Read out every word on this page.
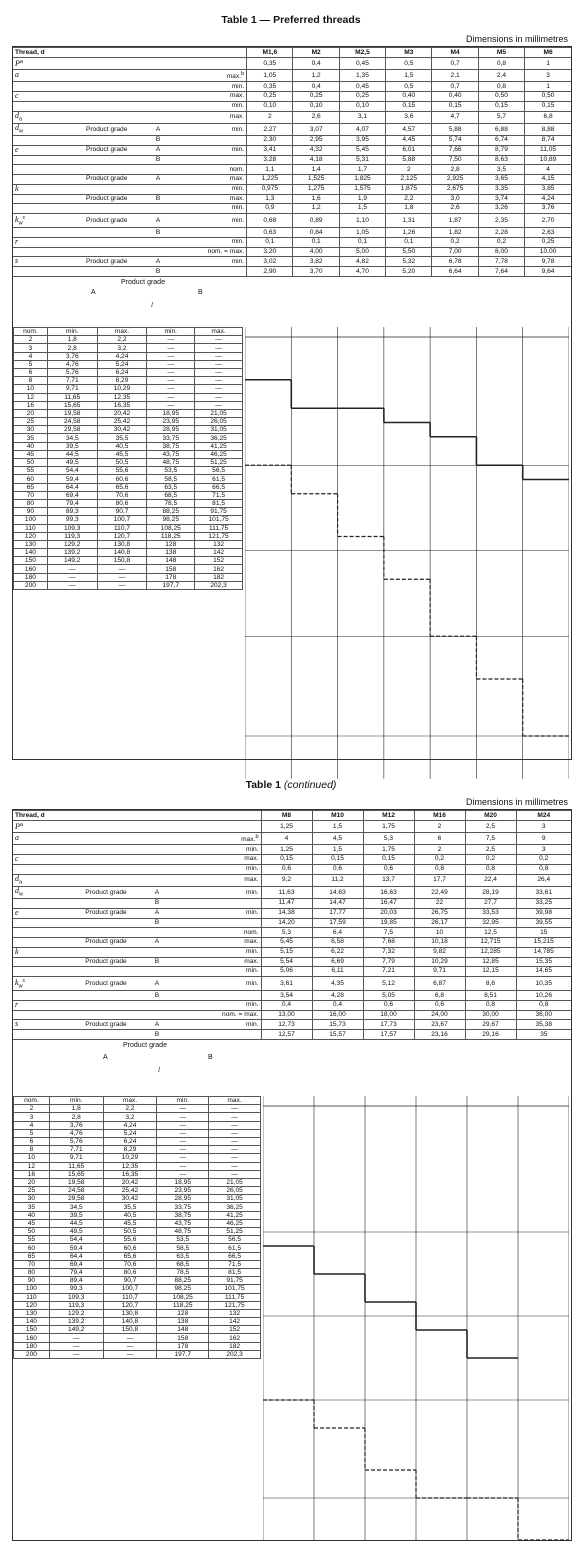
Table 1 — Preferred threads
Dimensions in millimetres
Thread, d				M1,6	M2	M2,5	M3	M4	M5	M6
$P^a$				0,35	0,4	0,45	0,5	0,7	0,8	1
a			max.$^b$	1,05	1,2	1,35	1,5	2,1	2,4	3
			min.	0,35	0,4	0,45	0,5	0,7	0,8	1
c			max.	0,25	0,25	0,25	0,40	0,40	0,50	0,50
			min.	0,10	0,10	0,10	0,15	0,15	0,15	0,15
$d_a$			max.	2	2,6	3,1	3,6	4,7	5,7	6,8
$d_w$	Product grade	A	min.	2,27	3,07	4,07	4,57	5,88	6,88	8,88
		B		2,30	2,95	3,95	4,45	5,74	6,74	8,74
e	Product grade	A	min.	3,41	4,32	5,45	6,01	7,66	8,79	11,05
		B		3,28	4,18	5,31	5,88	7,50	8,63	10,89
			nom.	1,1	1,4	1,7	2	2,8	3,5	4
	Product grade	A	max.	1,225	1,525	1,825	2,125	2,925	3,65	4,15
k			min.	0,975	1,275	1,575	1,875	2,675	3,35	3,85
	Product grade	B	max.	1,3	1,6	1,9	2,2	3,0	3,74	4,24
			min.	0,9	1,2	1,5	1,8	2,6	3,26	3,76
$k_w^c$	Product grade	A	min.	0,68	0,89	1,10	1,31	1,87	2,35	2,70
		B		0,63	0,84	1,05	1,26	1,82	2,28	2,63
r			min.	0,1	0,1	0,1	0,1	0,2	0,2	0,25
			nom. = max.	3,20	4,00	5,00	5,50	7,00	8,00	10,00
s	Product grade	A	min.	3,02	3,82	4,82	5,32	6,78	7,78	9,78
		B		2,90	3,70	4,70	5,20	6,64	7,64	9,64
Product grade
A	B
l
nom.	min.	max.	min.	max.
2	1,8	2,2	—	—
3	2,8	3,2	—	—
4	3,76	4,24	—	—
5	4,76	5,24	—	—
6	5,76	6,24	—	—
8	7,71	8,29	—	—
10	9,71	10,29	—	—
12	11,65	12,35	—	—
16	15,65	16,35	—	—
20	19,58	20,42	18,95	21,05
25	24,58	25,42	23,95	26,05
30	29,58	30,42	28,95	31,05
35	34,5	35,5	33,75	36,25
40	39,5	40,5	38,75	41,25
45	44,5	45,5	43,75	46,25
50	49,5	50,5	48,75	51,25
55	54,4	55,6	53,5	56,5
60	59,4	60,6	58,5	61,5
65	64,4	65,6	63,5	66,5
70	69,4	70,6	68,5	71,5
80	79,4	80,6	78,5	81,5
90	89,3	90,7	88,25	91,75
100	99,3	100,7	98,25	101,75
110	109,3	110,7	108,25	111,75
120	119,3	120,7	118,25	121,75
130	129,2	130,8	128	132
140	139,2	140,8	138	142
150	149,2	150,8	148	152
160	—	—	158	162
180	—	—	178	182
200	—	—	197,7	202,3
Table 1 (continued)
Dimensions in millimetres
Thread, d				M8	M10	M12	M16	M20	M24
$P^a$				1,25	1,5	1,75	2	2,5	3
a			max.$^b$	4	4,5	5,3	6	7,5	9
			min.	1,25	1,5	1,75	2	2,5	3
c			max.	0,15	0,15	0,15	0,2	0,2	0,2
			min.	0,6	0,6	0,6	0,8	0,8	0,8
$d_a$			max.	9,2	11,2	13,7	17,7	22,4	26,4
$d_w$	Product grade	A	min.	11,63	14,63	16,63	22,49	28,19	33,61
		B		11,47	14,47	16,47	22	27,7	33,25
e	Product grade	A	min.	14,38	17,77	20,03	26,75	33,53	39,98
		B		14,20	17,59	19,85	26,17	32,95	39,55
			nom.	5,3	6,4	7,5	10	12,5	15
	Product grade	A	max.	5,45	6,58	7,68	10,18	12,715	15,215
k			min.	5,15	6,22	7,32	9,82	12,285	14,785
	Product grade	B	max.	5,54	6,69	7,79	10,29	12,85	15,35
			min.	5,06	6,11	7,21	9,71	12,15	14,65
$k_w^c$	Product grade	A	min.	3,61	4,35	5,12	6,87	8,6	10,35
		B		3,54	4,28	5,05	6,8	8,51	10,26
r			min.	0,4	0,4	0,6	0,6	0,8	0,8
			nom. = max.	13,00	16,00	18,00	24,00	30,00	36,00
s	Product grade	A	min.	12,73	15,73	17,73	23,67	29,67	35,38
		B		12,57	15,57	17,57	23,16	29,16	35
Product grade
A	B
l
nom.	min.	max.	min.	max.
2	1,8	2,2	—	—
3	2,8	3,2	—	—
4	3,76	4,24	—	—
5	4,76	5,24	—	—
6	5,76	6,24	—	—
8	7,71	8,29	—	—
10	9,71	10,29	—	—
12	11,65	12,35	—	—
16	15,65	16,35	—	—
20	19,58	20,42	18,95	21,05
25	24,58	25,42	23,95	26,05
30	29,58	30,42	28,95	31,05
35	34,5	35,5	33,75	36,25
40	39,5	40,5	38,75	41,25
45	44,5	45,5	43,75	46,25
50	49,5	50,5	48,75	51,25
55	54,4	55,6	53,5	56,5
60	59,4	60,6	58,5	61,5
65	64,4	65,6	63,5	66,5
70	69,4	70,6	68,5	71,5
80	79,4	80,6	78,5	81,5
90	89,4	90,7	88,25	91,75
100	99,3	100,7	98,25	101,75
110	109,3	110,7	108,25	111,75
120	119,3	120,7	118,25	121,75
130	129,2	130,8	128	132
140	139,2	140,8	138	142
150	149,2	150,8	148	152
160	—	—	158	162
180	—	—	178	182
200	—	—	197,7	202,3
